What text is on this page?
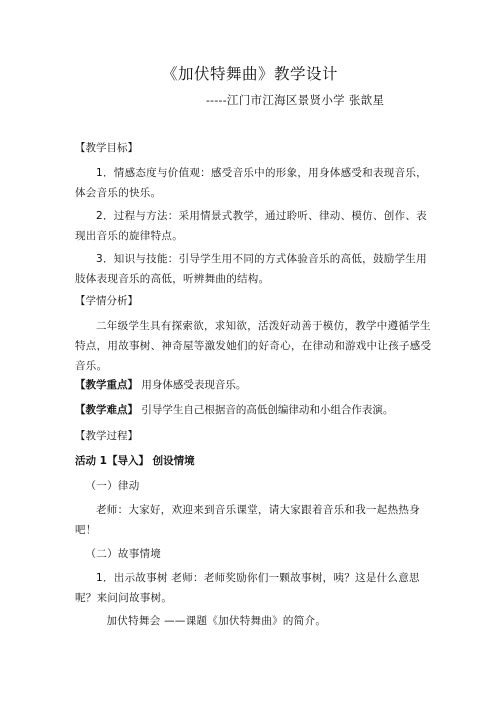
《加伏特舞曲》教学设计
-----江门市江海区景贤小学 张歆星
【教学目标】

1．情感态度与价值观：感受音乐中的形象，用身体感受和表现音乐，体会音乐的快乐。

2．过程与方法：采用情景式教学，通过聆听、律动、模仿、创作、表现出音乐的旋律特点。

3．知识与技能：引导学生用不同的方式体验音乐的高低，鼓励学生用肢体表现音乐的高低，听辨舞曲的结构。

【学情分析】

二年级学生具有探索欲，求知欲，活泼好动善于模仿，教学中遵循学生特点，用故事树、神奇屋等激发她们的好奇心，在律动和游戏中让孩子感受音乐。

【教学重点】 用身体感受表现音乐。
【教学难点】 引导学生自己根据音的高低创编律动和小组合作表演。
【教学过程】
活动 1【导入】 创设情境

（一）律动

老师：大家好，欢迎来到音乐课堂，请大家跟着音乐和我一起热热身吧！

（二）故事情境

1．出示故事树 老师：老师奖励你们一颗故事树，咦？这是什么意思呢？来问问故事树。

加伏特舞会 ——课题《加伏特舞曲》的简介。
